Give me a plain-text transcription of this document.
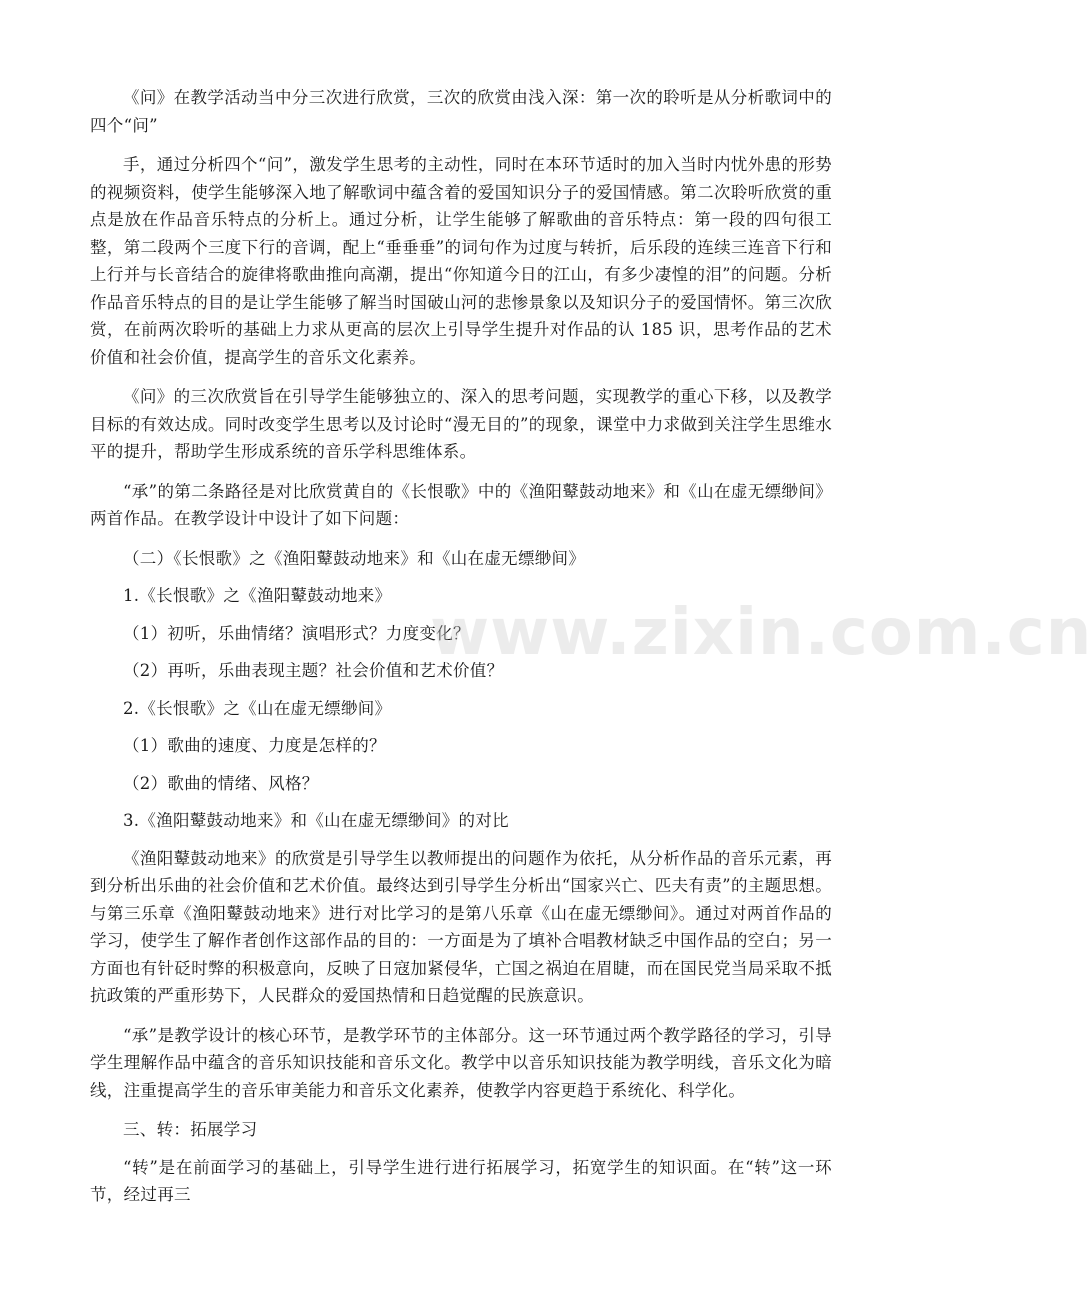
《问》在教学活动当中分三次进行欣赏，三次的欣赏由浅入深：第一次的聆听是从分析歌词中的四个“问”

手，通过分析四个“问”，激发学生思考的主动性，同时在本环节适时的加入当时内忧外患的形势的视频资料，使学生能够深入地了解歌词中蕴含着的爱国知识分子的爱国情感。第二次聆听欣赏的重点是放在作品音乐特点的分析上。通过分析，让学生能够了解歌曲的音乐特点：第一段的四句很工整，第二段两个三度下行的音调，配上“垂垂垂”的词句作为过度与转折，后乐段的连续三连音下行和上行并与长音结合的旋律将歌曲推向高潮，提出“你知道今日的江山，有多少凄惶的泪”的问题。分析作品音乐特点的目的是让学生能够了解当时国破山河的悲惨景象以及知识分子的爱国情怀。第三次欣赏，在前两次聆听的基础上力求从更高的层次上引导学生提升对作品的认 185 识，思考作品的艺术价值和社会价值，提高学生的音乐文化素养。

《问》的三次欣赏旨在引导学生能够独立的、深入的思考问题，实现教学的重心下移，以及教学目标的有效达成。同时改变学生思考以及讨论时“漫无目的”的现象，课堂中力求做到关注学生思维水平的提升，帮助学生形成系统的音乐学科思维体系。

“承”的第二条路径是对比欣赏黄自的《长恨歌》中的《渔阳鼙鼓动地来》和《山在虚无缥缈间》两首作品。在教学设计中设计了如下问题：

（二）《长恨歌》之《渔阳鼙鼓动地来》和《山在虚无缥缈间》

1.《长恨歌》之《渔阳鼙鼓动地来》

（1）初听，乐曲情绪？演唱形式？力度变化？

（2）再听，乐曲表现主题？社会价值和艺术价值？

2.《长恨歌》之《山在虚无缥缈间》

（1）歌曲的速度、力度是怎样的？

（2）歌曲的情绪、风格？

3.《渔阳鼙鼓动地来》和《山在虚无缥缈间》的对比

《渔阳鼙鼓动地来》的欣赏是引导学生以教师提出的问题作为依托，从分析作品的音乐元素，再到分析出乐曲的社会价值和艺术价值。最终达到引导学生分析出“国家兴亡、匹夫有责”的主题思想。与第三乐章《渔阳鼙鼓动地来》进行对比学习的是第八乐章《山在虚无缥缈间》。通过对两首作品的学习，使学生了解作者创作这部作品的目的：一方面是为了填补合唱教材缺乏中国作品的空白；另一方面也有针砭时弊的积极意向，反映了日寇加紧侵华，亡国之祸迫在眉睫，而在国民党当局采取不抵抗政策的严重形势下，人民群众的爱国热情和日趋觉醒的民族意识。

“承”是教学设计的核心环节，是教学环节的主体部分。这一环节通过两个教学路径的学习，引导学生理解作品中蕴含的音乐知识技能和音乐文化。教学中以音乐知识技能为教学明线，音乐文化为暗线，注重提高学生的音乐审美能力和音乐文化素养，使教学内容更趋于系统化、科学化。

三、转：拓展学习

“转”是在前面学习的基础上，引导学生进行进行拓展学习，拓宽学生的知识面。在“转”这一环节，经过再三

www.zixin.com.cn
